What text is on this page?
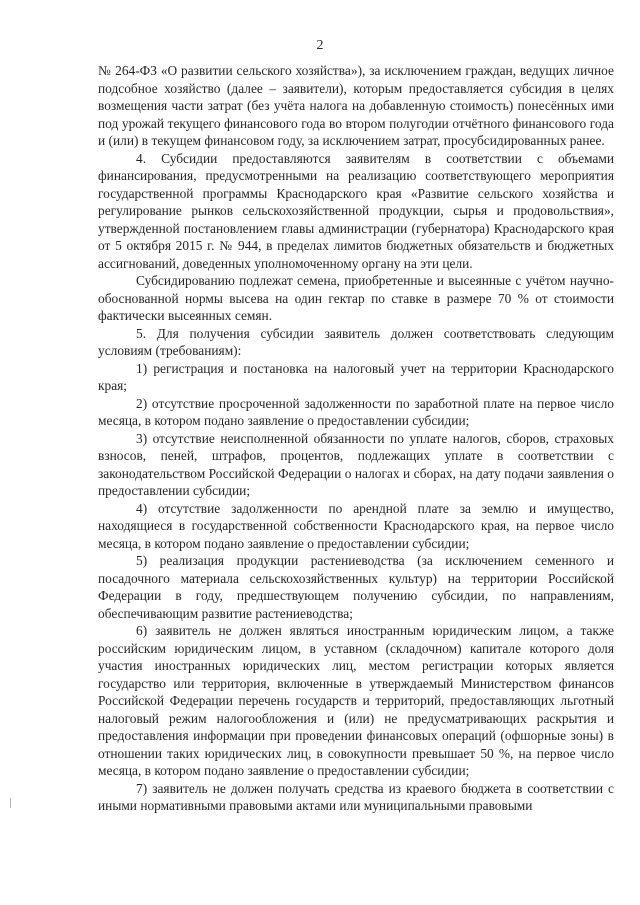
2

№ 264-ФЗ «О развитии сельского хозяйства»), за исключением граждан, ведущих личное подсобное хозяйство (далее – заявители), которым предоставляется субсидия в целях возмещения части затрат (без учёта налога на добавленную стоимость) понесённых ими под урожай текущего финансового года во втором полугодии отчётного финансового года и (или) в текущем финансовом году, за исключением затрат, просубсидированных ранее.

4. Субсидии предоставляются заявителям в соответствии с объемами финансирования, предусмотренными на реализацию соответствующего мероприятия государственной программы Краснодарского края «Развитие сельского хозяйства и регулирование рынков сельскохозяйственной продукции, сырья и продовольствия», утвержденной постановлением главы администрации (губернатора) Краснодарского края от 5 октября 2015 г. № 944, в пределах лимитов бюджетных обязательств и бюджетных ассигнований, доведенных уполномоченному органу на эти цели.

Субсидированию подлежат семена, приобретенные и высеянные с учётом научно-обоснованной нормы высева на один гектар по ставке в размере 70 % от стоимости фактически высеянных семян.

5. Для получения субсидии заявитель должен соответствовать следующим условиям (требованиям):

1) регистрация и постановка на налоговый учет на территории Краснодарского края;

2) отсутствие просроченной задолженности по заработной плате на первое число месяца, в котором подано заявление о предоставлении субсидии;

3) отсутствие неисполненной обязанности по уплате налогов, сборов, страховых взносов, пеней, штрафов, процентов, подлежащих уплате в соответствии с законодательством Российской Федерации о налогах и сборах, на дату подачи заявления о предоставлении субсидии;

4) отсутствие задолженности по арендной плате за землю и имущество, находящиеся в государственной собственности Краснодарского края, на первое число месяца, в котором подано заявление о предоставлении субсидии;

5) реализация продукции растениеводства (за исключением семенного и посадочного материала сельскохозяйственных культур) на территории Российской Федерации в году, предшествующем получению субсидии, по направлениям, обеспечивающим развитие растениеводства;

6) заявитель не должен являться иностранным юридическим лицом, а также российским юридическим лицом, в уставном (складочном) капитале которого доля участия иностранных юридических лиц, местом регистрации которых является государство или территория, включенные в утверждаемый Министерством финансов Российской Федерации перечень государств и территорий, предоставляющих льготный налоговый режим налогообложения и (или) не предусматривающих раскрытия и предоставления информации при проведении финансовых операций (офшорные зоны) в отношении таких юридических лиц, в совокупности превышает 50 %, на первое число месяца, в котором подано заявление о предоставлении субсидии;

7) заявитель не должен получать средства из краевого бюджета в соответствии с иными нормативными правовыми актами или муниципальными правовыми
